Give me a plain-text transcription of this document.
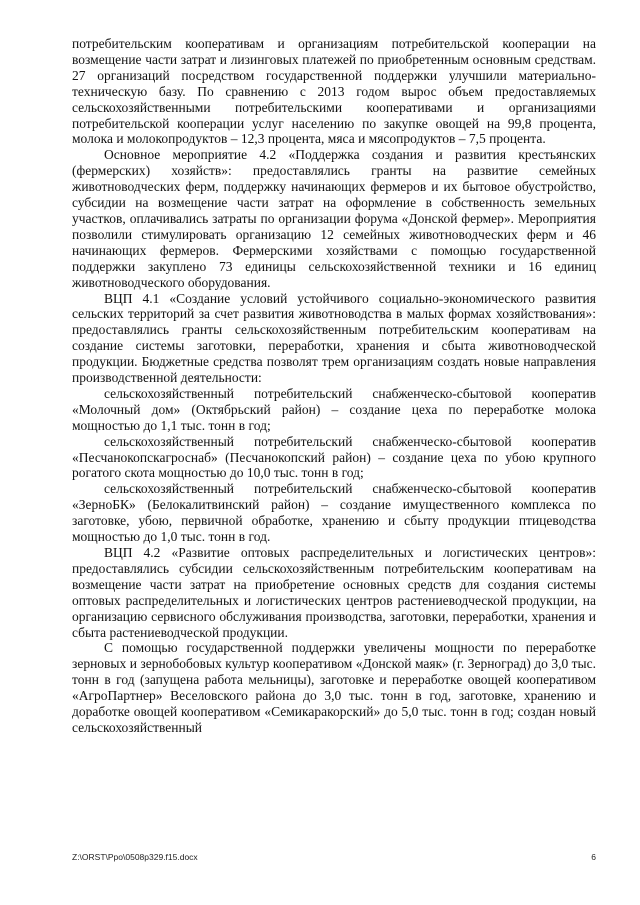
потребительским кооперативам и организациям потребительской кооперации на возмещение части затрат и лизинговых платежей по приобретенным основным средствам. 27 организаций посредством государственной поддержки улучшили материально-техническую базу. По сравнению с 2013 годом вырос объем предоставляемых сельскохозяйственными потребительскими кооперативами и организациями потребительской кооперации услуг населению по закупке овощей на 99,8 процента, молока и молокопродуктов – 12,3 процента, мяса и мясопродуктов – 7,5 процента.

Основное мероприятие 4.2 «Поддержка создания и развития крестьянских (фермерских) хозяйств»: предоставлялись гранты на развитие семейных животноводческих ферм, поддержку начинающих фермеров и их бытовое обустройство, субсидии на возмещение части затрат на оформление в собственность земельных участков, оплачивались затраты по организации форума «Донской фермер». Мероприятия позволили стимулировать организацию 12 семейных животноводческих ферм и 46 начинающих фермеров. Фермерскими хозяйствами с помощью государственной поддержки закуплено 73 единицы сельскохозяйственной техники и 16 единиц животноводческого оборудования.

ВЦП 4.1 «Создание условий устойчивого социально-экономического развития сельских территорий за счет развития животноводства в малых формах хозяйствования»: предоставлялись гранты сельскохозяйственным потребительским кооперативам на создание системы заготовки, переработки, хранения и сбыта животноводческой продукции. Бюджетные средства позволят трем организациям создать новые направления производственной деятельности:

сельскохозяйственный потребительский снабженческо-сбытовой кооператив «Молочный дом» (Октябрьский район) – создание цеха по переработке молока мощностью до 1,1 тыс. тонн в год;

сельскохозяйственный потребительский снабженческо-сбытовой кооператив «Песчанокопскагроснаб» (Песчанокопский район) – создание цеха по убою крупного рогатого скота мощностью до 10,0 тыс. тонн в год;

сельскохозяйственный потребительский снабженческо-сбытовой кооператив «ЗерноБК» (Белокалитвинский район) – создание имущественного комплекса по заготовке, убою, первичной обработке, хранению и сбыту продукции птицеводства мощностью до 1,0 тыс. тонн в год.

ВЦП 4.2 «Развитие оптовых распределительных и логистических центров»: предоставлялись субсидии сельскохозяйственным потребительским кооперативам на возмещение части затрат на приобретение основных средств для создания системы оптовых распределительных и логистических центров растениеводческой продукции, на организацию сервисного обслуживания производства, заготовки, переработки, хранения и сбыта растениеводческой продукции.

С помощью государственной поддержки увеличены мощности по переработке зерновых и зернобобовых культур кооперативом «Донской маяк» (г. Зерноград) до 3,0 тыс. тонн в год (запущена работа мельницы), заготовке и переработке овощей кооперативом «АгроПартнер» Веселовского района до 3,0 тыс. тонн в год, заготовке, хранению и доработке овощей кооперативом «Семикаракорский» до 5,0 тыс. тонн в год; создан новый сельскохозяйственный

Z:\ORST\Ppo\0508p329.f15.docx	6
